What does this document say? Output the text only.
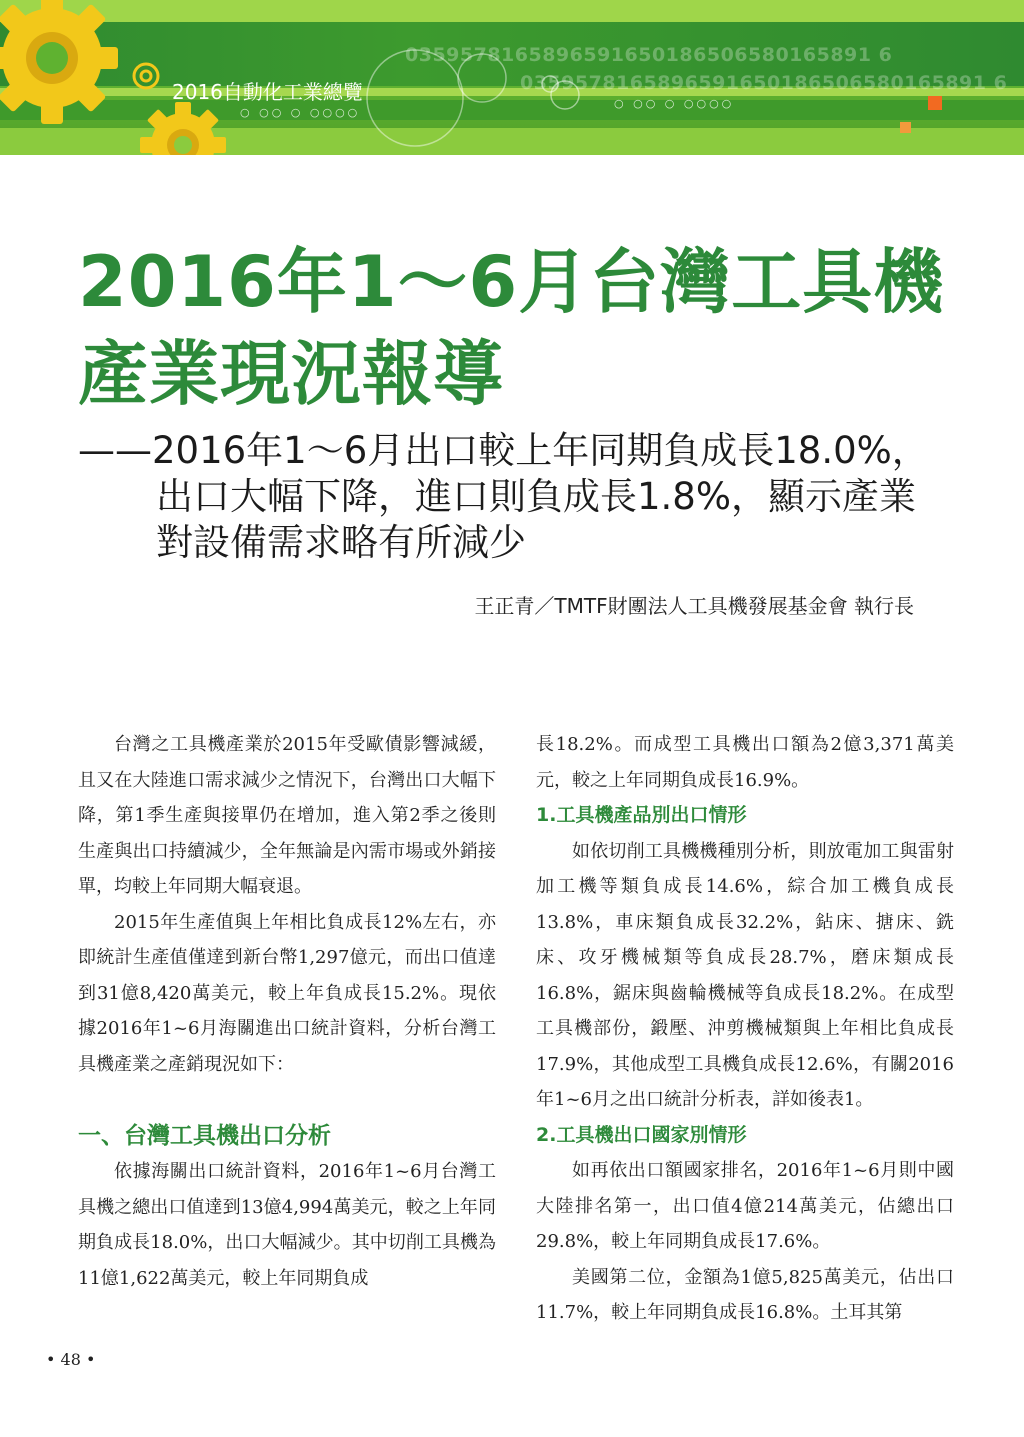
0359578165896591650186506580165891 6
0359578165896591650186506580165891 6
○ ○○ ○ ○○○○
○ ○○ ○ ○○○○
2016自動化工業總覽
2016年1～6月台灣工具機
產業現況報導
——2016年1～6月出口較上年同期負成長18.0%，
出口大幅下降，進口則負成長1.8%，顯示產業
對設備需求略有所減少
王正青／TMTF財團法人工具機發展基金會 執行長

台灣之工具機產業於2015年受歐債影響減緩，且又在大陸進口需求減少之情況下，台灣出口大幅下降，第1季生產與接單仍在增加，進入第2季之後則生產與出口持續減少，全年無論是內需市場或外銷接單，均較上年同期大幅衰退。

2015年生產值與上年相比負成長12%左右，亦即統計生產值僅達到新台幣1,297億元，而出口值達到31億8,420萬美元，較上年負成長15.2%。現依據2016年1~6月海關進出口統計資料，分析台灣工具機產業之產銷現況如下：

一、台灣工具機出口分析

依據海關出口統計資料，2016年1~6月台灣工具機之總出口值達到13億4,994萬美元，較之上年同期負成長18.0%，出口大幅減少。其中切削工具機為11億1,622萬美元，較上年同期負成

長18.2%。而成型工具機出口額為2億3,371萬美元，較之上年同期負成長16.9%。

1.工具機產品別出口情形

如依切削工具機機種別分析，則放電加工與雷射加工機等類負成長14.6%，綜合加工機負成長13.8%，車床類負成長32.2%，鉆床、搪床、銑床、攻牙機械類等負成長28.7%，磨床類成長16.8%，鋸床與齒輪機械等負成長18.2%。在成型工具機部份，鍛壓、沖剪機械類與上年相比負成長17.9%，其他成型工具機負成長12.6%，有關2016年1~6月之出口統計分析表，詳如後表1。

2.工具機出口國家別情形

如再依出口額國家排名，2016年1~6月則中國大陸排名第一，出口值4億214萬美元，佔總出口29.8%，較上年同期負成長17.6%。

美國第二位，金額為1億5,825萬美元，佔出口11.7%，較上年同期負成長16.8%。土耳其第

• 48 •
